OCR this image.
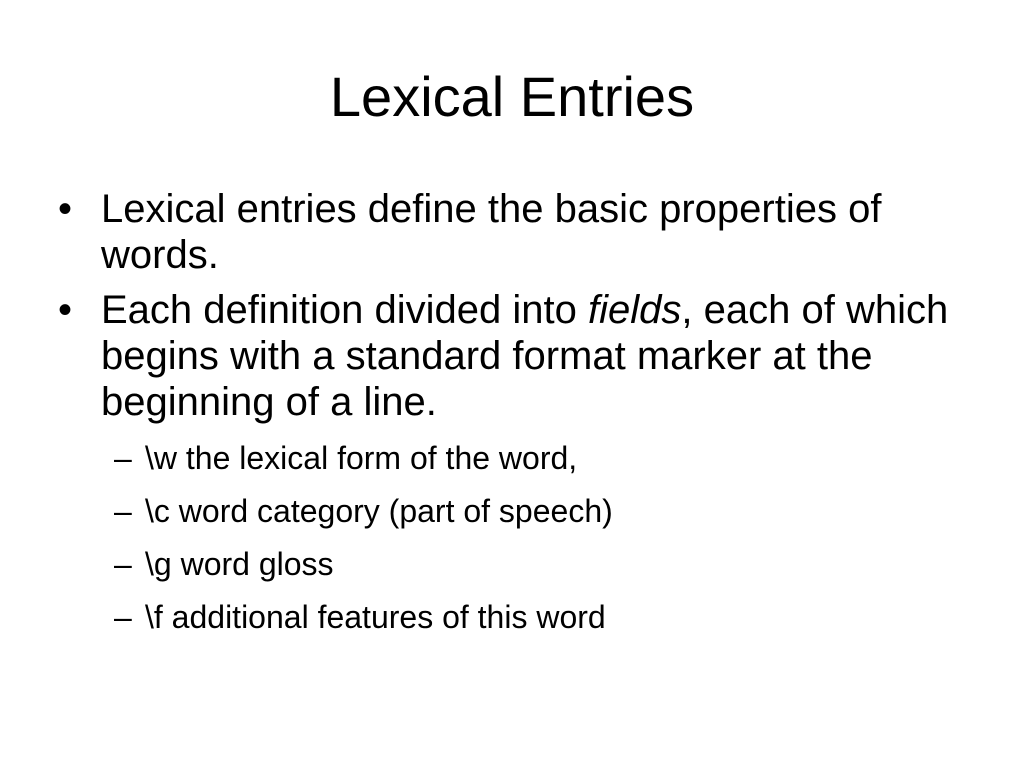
Lexical Entries
• Lexical entries define the basic properties of words.
• Each definition divided into fields, each of which begins with a standard format marker at the beginning of a line.
– \w the lexical form of the word,
– \c word category (part of speech)
– \g word gloss
– \f additional features of this word
